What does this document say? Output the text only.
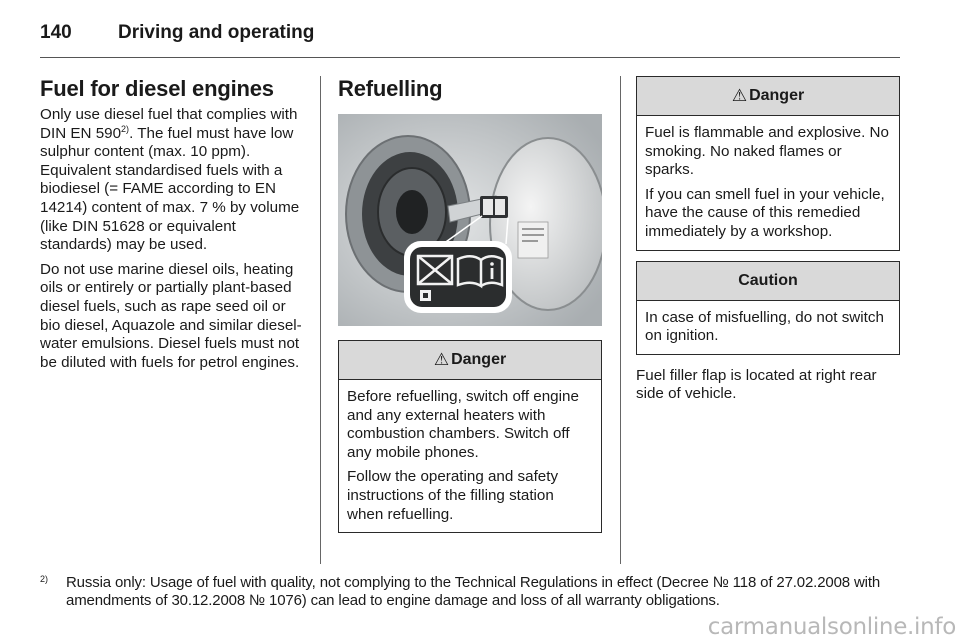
140 Driving and operating
Fuel for diesel engines

Only use diesel fuel that complies with DIN EN 590$^{2)}$. The fuel must have low sulphur content (max. 10 ppm). Equivalent standardised fuels with a biodiesel (= FAME according to EN 14214) content of max. 7 % by volume (like DIN 51628 or equivalent standards) may be used.

Do not use marine diesel oils, heating oils or entirely or partially plant-based diesel fuels, such as rape seed oil or bio diesel, Aquazole and similar diesel-water emulsions. Diesel fuels must not be diluted with fuels for petrol engines.

Refuelling
⚠ Danger

Before refuelling, switch off engine and any external heaters with combustion chambers. Switch off any mobile phones.

Follow the operating and safety instructions of the filling station when refuelling.

⚠ Danger

Fuel is flammable and explosive. No smoking. No naked flames or sparks.

If you can smell fuel in your vehicle, have the cause of this remedied immediately by a workshop.

Caution

In case of misfuelling, do not switch on ignition.

Fuel filler flap is located at right rear side of vehicle.

2) Russia only: Usage of fuel with quality, not complying to the Technical Regulations in effect (Decree № 118 of 27.02.2008 with amendments of 30.12.2008 № 1076) can lead to engine damage and loss of all warranty obligations.
carmanualsonline.info
